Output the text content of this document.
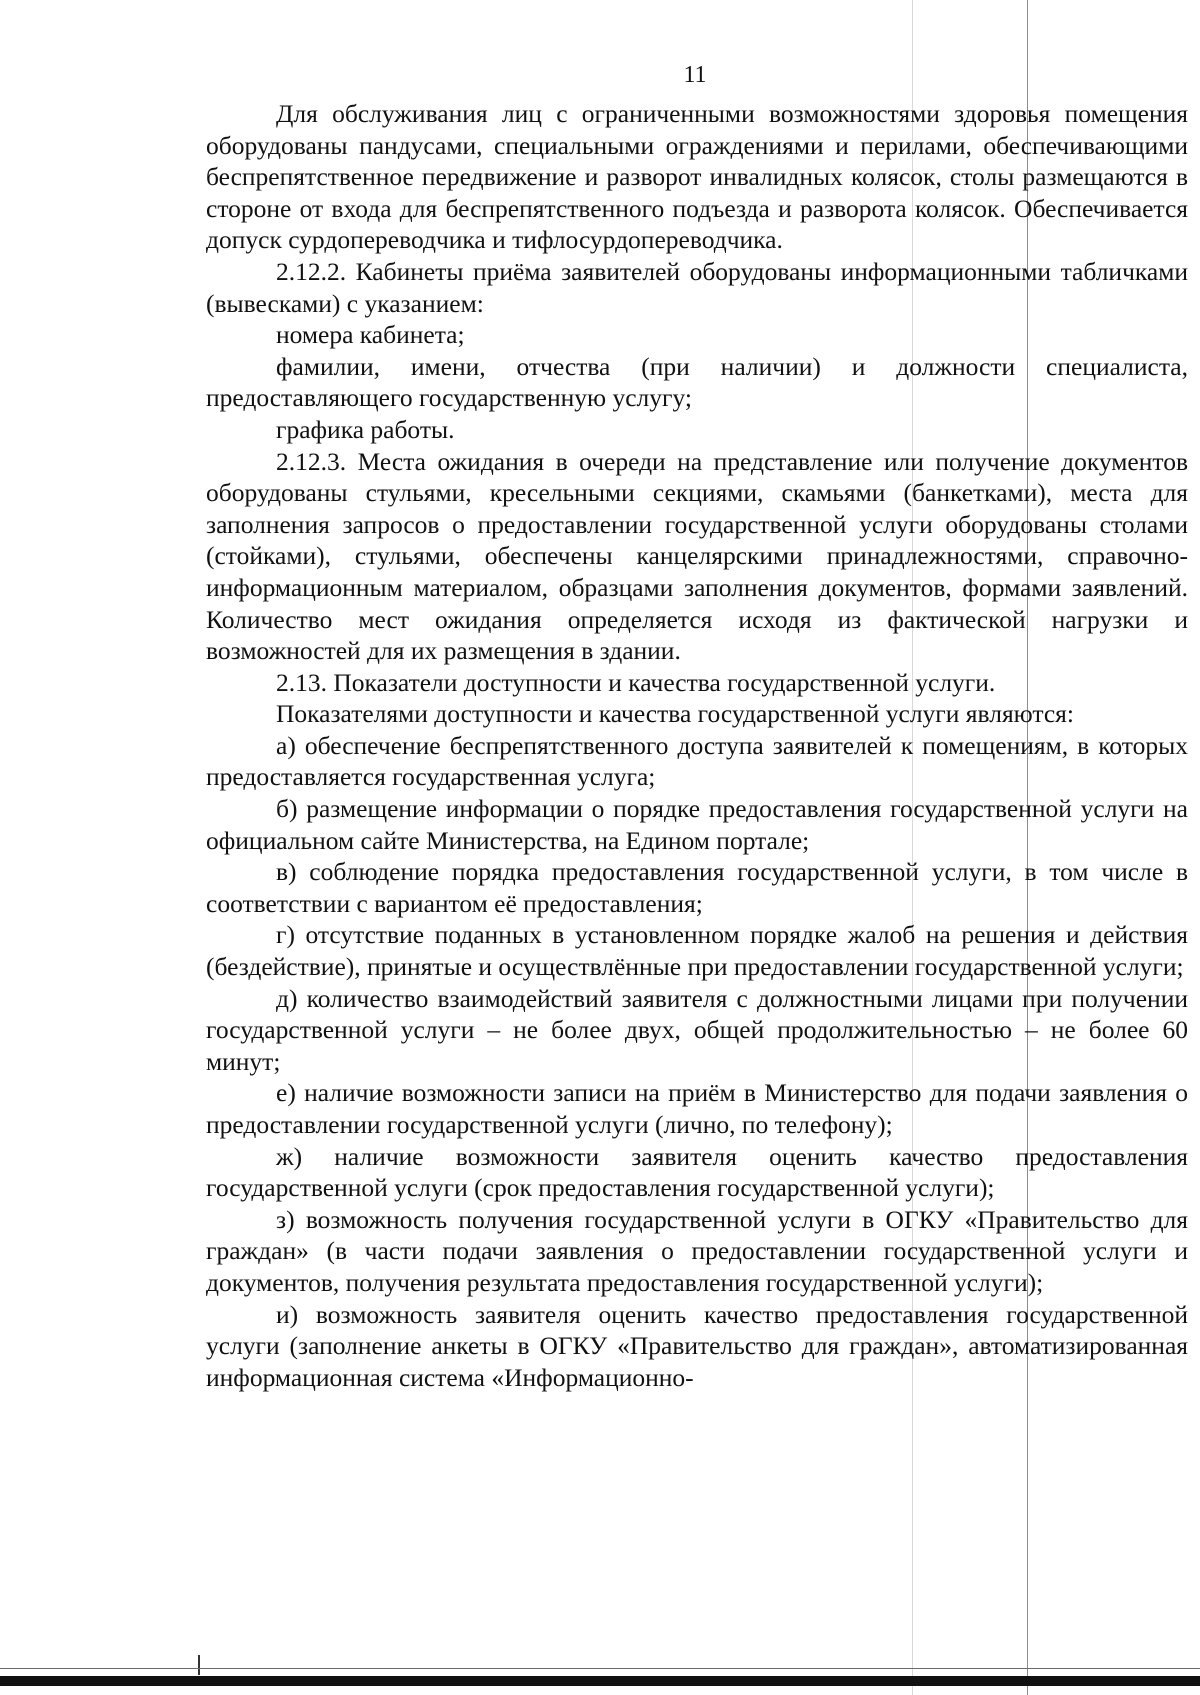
11

Для обслуживания лиц с ограниченными возможностями здоровья помещения оборудованы пандусами, специальными ограждениями и перилами, обеспечивающими беспрепятственное передвижение и разворот инвалидных колясок, столы размещаются в стороне от входа для беспрепятственного подъезда и разворота колясок. Обеспечивается допуск сурдопереводчика и тифлосурдопереводчика.

2.12.2. Кабинеты приёма заявителей оборудованы информационными табличками (вывесками) с указанием:

номера кабинета;

фамилии, имени, отчества (при наличии) и должности специалиста, предоставляющего государственную услугу;

графика работы.

2.12.3. Места ожидания в очереди на представление или получение документов оборудованы стульями, кресельными секциями, скамьями (банкетками), места для заполнения запросов о предоставлении государственной услуги оборудованы столами (стойками), стульями, обеспечены канцелярскими принадлежностями, справочно-информационным материалом, образцами заполнения документов, формами заявлений. Количество мест ожидания определяется исходя из фактической нагрузки и возможностей для их размещения в здании.

2.13. Показатели доступности и качества государственной услуги.

Показателями доступности и качества государственной услуги являются:

а) обеспечение беспрепятственного доступа заявителей к помещениям, в которых предоставляется государственная услуга;

б) размещение информации о порядке предоставления государственной услуги на официальном сайте Министерства, на Едином портале;

в) соблюдение порядка предоставления государственной услуги, в том числе в соответствии с вариантом её предоставления;

г) отсутствие поданных в установленном порядке жалоб на решения и действия (бездействие), принятые и осуществлённые при предоставлении государственной услуги;

д) количество взаимодействий заявителя с должностными лицами при получении государственной услуги – не более двух, общей продолжительностью – не более 60 минут;

е) наличие возможности записи на приём в Министерство для подачи заявления о предоставлении государственной услуги (лично, по телефону);

ж) наличие возможности заявителя оценить качество предоставления государственной услуги (срок предоставления государственной услуги);

з) возможность получения государственной услуги в ОГКУ «Правительство для граждан» (в части подачи заявления о предоставлении государственной услуги и документов, получения результата предоставления государственной услуги);

и) возможность заявителя оценить качество предоставления государственной услуги (заполнение анкеты в ОГКУ «Правительство для граждан», автоматизированная информационная система «Информационно-
